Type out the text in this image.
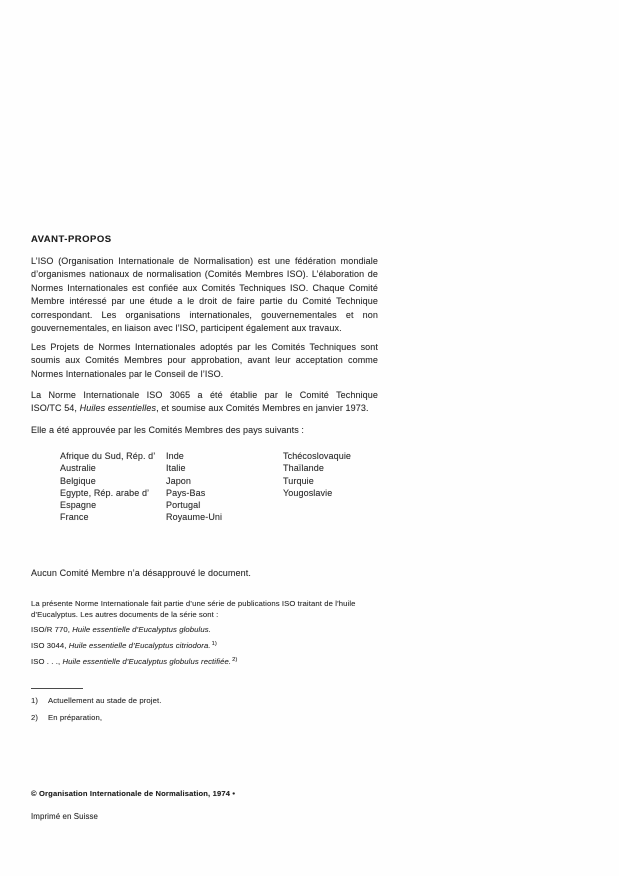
AVANT-PROPOS
L’ISO (Organisation Internationale de Normalisation) est une fédération mondiale
d’organismes nationaux de normalisation (Comités Membres ISO). L’élaboration de
Normes Internationales est confiée aux Comités Techniques ISO. Chaque Comité
Membre intéressé par une étude a le droit de faire partie du Comité Technique
correspondant. Les organisations internationales, gouvernementales et non
gouvernementales, en liaison avec l’ISO, participent également aux travaux.
Les Projets de Normes Internationales adoptés par les Comités Techniques sont
soumis aux Comités Membres pour approbation, avant leur acceptation comme
Normes Internationales par le Conseil de l’ISO.
La Norme Internationale ISO 3065 a été établie par le Comité Technique
ISO/TC 54, Huiles essentielles, et soumise aux Comités Membres en janvier 1973.
Elle a été approuvée par les Comités Membres des pays suivants :
Afrique du Sud, Rép. d’
Australie
Belgique
Egypte, Rép. arabe d’
Espagne
France
Inde
Italie
Japon
Pays-Bas
Portugal
Royaume-Uni
Tchécoslovaquie
Thaïlande
Turquie
Yougoslavie
Aucun Comité Membre n’a désapprouvé le document.
La présente Norme Internationale fait partie d’une série de publications ISO traitant de l’huile
d’Eucalyptus. Les autres documents de la série sont :
ISO/R 770, Huile essentielle d’Eucalyptus globulus.
ISO 3044, Huile essentielle d’Eucalyptus citriodora.$^{1)}$
ISO . . ., Huile essentielle d’Eucalyptus globulus rectifiée.$^{2)}$
1) Actuellement au stade de projet.
2) En préparation,
© Organisation Internationale de Normalisation, 1974 •
Imprimé en Suisse
